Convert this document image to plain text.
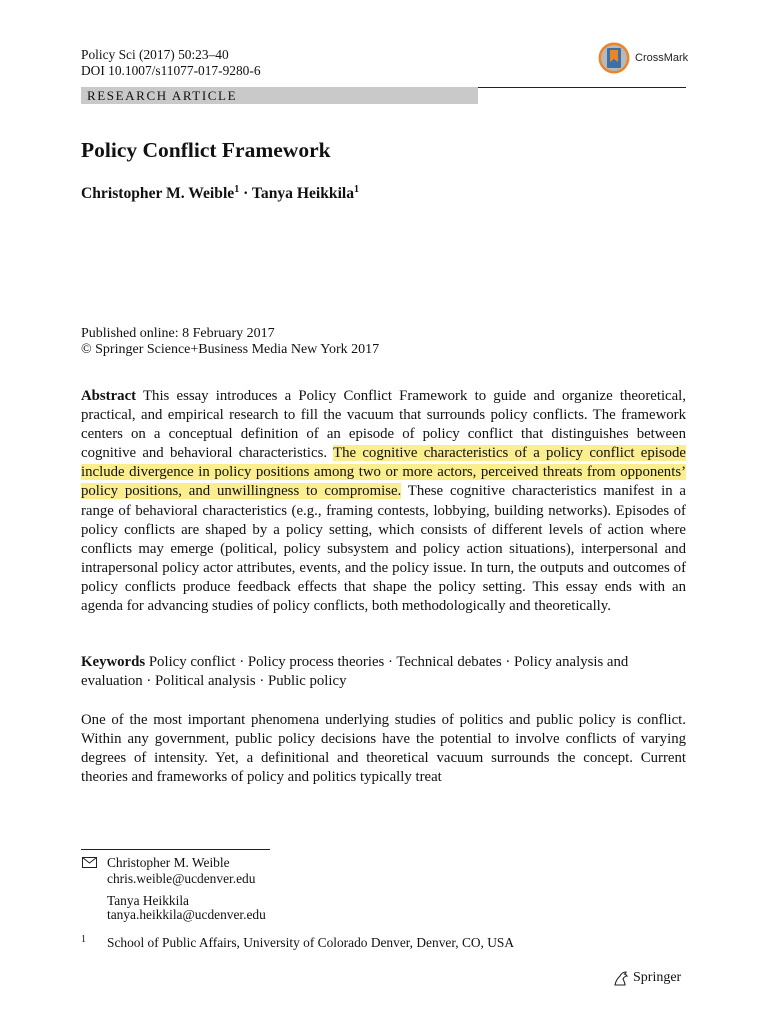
Policy Sci (2017) 50:23–40
DOI 10.1007/s11077-017-9280-6
CrossMark
RESEARCH ARTICLE
Policy Conflict Framework
Christopher M. Weible$^1$ · Tanya Heikkila$^1$
Published online: 8 February 2017
© Springer Science+Business Media New York 2017
Abstract This essay introduces a Policy Conflict Framework to guide and organize theoretical, practical, and empirical research to fill the vacuum that surrounds policy conflicts. The framework centers on a conceptual definition of an episode of policy conflict that distinguishes between cognitive and behavioral characteristics. The cognitive characteristics of a policy conflict episode include divergence in policy positions among two or more actors, perceived threats from opponents’ policy positions, and unwillingness to compromise. These cognitive characteristics manifest in a range of behavioral characteristics (e.g., framing contests, lobbying, building networks). Episodes of policy conflicts are shaped by a policy setting, which consists of different levels of action where conflicts may emerge (political, policy subsystem and policy action situations), interpersonal and intrapersonal policy actor attributes, events, and the policy issue. In turn, the outputs and outcomes of policy conflicts produce feedback effects that shape the policy setting. This essay ends with an agenda for advancing studies of policy conflicts, both methodologically and theoretically.
Keywords Policy conflict · Policy process theories · Technical debates · Policy analysis and evaluation · Political analysis · Public policy
One of the most important phenomena underlying studies of politics and public policy is conflict. Within any government, public policy decisions have the potential to involve conflicts of varying degrees of intensity. Yet, a definitional and theoretical vacuum surrounds the concept. Current theories and frameworks of policy and politics typically treat
Christopher M. Weible
chris.weible@ucdenver.edu
Tanya Heikkila
tanya.heikkila@ucdenver.edu
1 School of Public Affairs, University of Colorado Denver, Denver, CO, USA
Springer
